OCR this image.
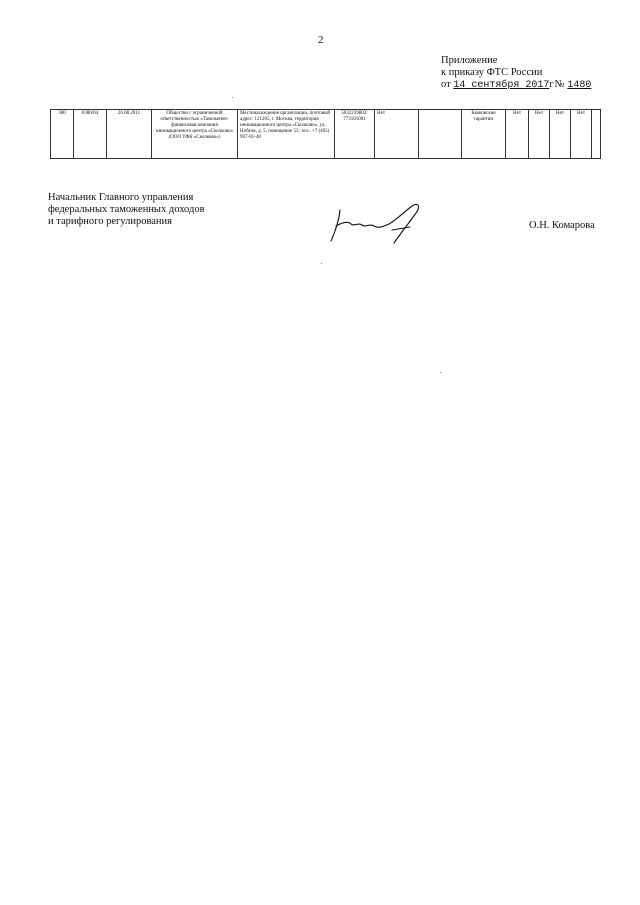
2
Приложение
к приказу ФТС России
от 14 сентября 2017г№ 1480
380	0380/04	26.08.2011	Общество с ограниченной ответственностью «Таможенно-финансовая компания инновационного центра «Сколково» (ООО ТФК «Сколково»)	Местонахождение организации, почтовый адрес: 121205, г. Москва, территория инновационного центра «Сколково», ул. Нобеля, д. 5, помещение 53; тел.: +7 (495) 967-01-48	5032239802/ 773101001	Нет		Банковские гарантии	Нет	Нет	Нет	Нет	
Начальник Главного управления
федеральных таможенных доходов
и тарифного регулирования	О.Н. Комарова
